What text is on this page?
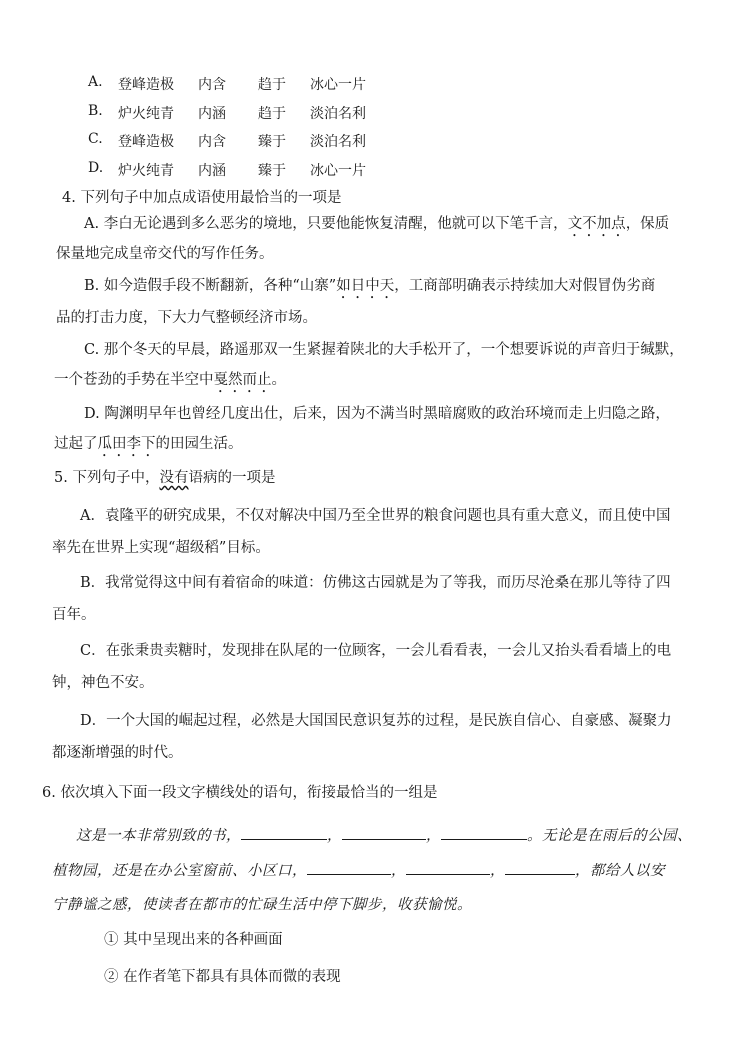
A. 登峰造极 内含 趋于 冰心一片
B. 炉火纯青 内涵 趋于 淡泊名利
C. 登峰造极 内含 臻于 淡泊名利
D. 炉火纯青 内涵 臻于 冰心一片
4. 下列句子中加点成语使用最恰当的一项是
A. 李白无论遇到多么恶劣的境地，只要他能恢复清醒，他就可以下笔千言，文不加点，保质
保量地完成皇帝交代的写作任务。
B. 如今造假手段不断翻新，各种“山寨”如日中天，工商部明确表示持续加大对假冒伪劣商
品的打击力度，下大力气整顿经济市场。
C. 那个冬天的早晨，路遥那双一生紧握着陕北的大手松开了，一个想要诉说的声音归于缄默，
一个苍劲的手势在半空中戛然而止。
D. 陶渊明早年也曾经几度出仕，后来，因为不满当时黑暗腐败的政治环境而走上归隐之路，
过起了瓜田李下的田园生活。
5. 下列句子中，没有语病的一项是
A．袁隆平的研究成果，不仅对解决中国乃至全世界的粮食问题也具有重大意义，而且使中国
率先在世界上实现“超级稻”目标。
B．我常觉得这中间有着宿命的味道：仿佛这古园就是为了等我，而历尽沧桑在那儿等待了四
百年。
C．在张秉贵卖糖时，发现排在队尾的一位顾客，一会儿看看表，一会儿又抬头看看墙上的电
钟，神色不安。
D．一个大国的崛起过程，必然是大国国民意识复苏的过程，是民族自信心、自豪感、凝聚力
都逐渐增强的时代。
6. 依次填入下面一段文字横线处的语句，衔接最恰当的一组是
这是一本非常别致的书，	，	，	。无论是在雨后的公园、
植物园，还是在办公室窗前、小区口，	，	，	，都给人以安
宁静谧之感，使读者在都市的忙碌生活中停下脚步，收获愉悦。
① 其中呈现出来的各种画面
② 在作者笔下都具有具体而微的表现
